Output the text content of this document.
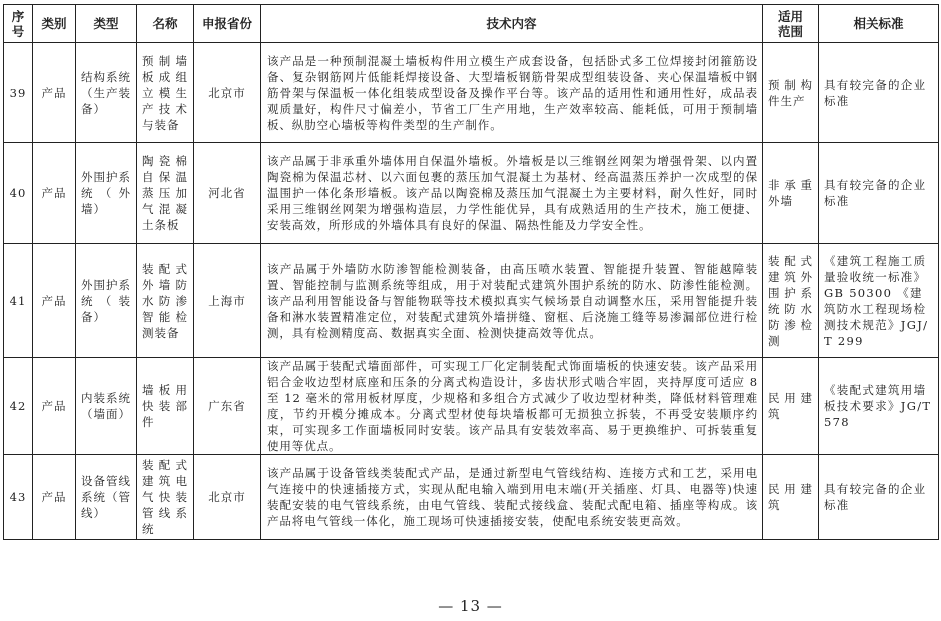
序号	类别	类型	名称	申报省份	技术内容	适用范围	相关标准
39	产品	结构系统（生产装备）	预制墙板成组立模生产技术与装备	北京市	该产品是一种预制混凝土墙板构件用立模生产成套设备，包括卧式多工位焊接封闭箍筋设备、复杂钢筋网片低能耗焊接设备、大型墙板钢筋骨架成型组装设备、夹心保温墙板中钢筋骨架与保温板一体化组装成型设备及操作平台等。该产品的适用性和通用性好，成品表观质量好，构件尺寸偏差小，节省工厂生产用地，生产效率较高、能耗低，可用于预制墙板、纵肋空心墙板等构件类型的生产制作。	预制构件生产	具有较完备的企业标准
40	产品	外围护系统（外墙）	陶瓷棉自保温蒸压加气混凝土条板	河北省	该产品属于非承重外墙体用自保温外墙板。外墙板是以三维钢丝网架为增强骨架、以内置陶瓷棉为保温芯材、以六面包裹的蒸压加气混凝土为基材、经高温蒸压养护一次成型的保温围护一体化条形墙板。该产品以陶瓷棉及蒸压加气混凝土为主要材料，耐久性好，同时采用三维钢丝网架为增强构造层，力学性能优异，具有成熟适用的生产技术，施工便捷、安装高效，所形成的外墙体具有良好的保温、隔热性能及力学安全性。	非承重外墙	具有较完备的企业标准
41	产品	外围护系统（装备）	装配式外墙防水防渗智能检测装备	上海市	该产品属于外墙防水防渗智能检测装备，由高压喷水装置、智能提升装置、智能越障装置、智能控制与监测系统等组成，用于对装配式建筑外围护系统的防水、防渗性能检测。该产品利用智能设备与智能物联等技术模拟真实气候场景自动调整水压，采用智能提升装备和淋水装置精准定位，对装配式建筑外墙拼缝、窗框、后浇施工缝等易渗漏部位进行检测，具有检测精度高、数据真实全面、检测快捷高效等优点。	装配式建筑外围护系统防水防渗检测	《建筑工程施工质量验收统一标准》GB 50300 《建筑防水工程现场检测技术规范》JGJ/T 299
42	产品	内装系统（墙面）	墙板用快装部件	广东省	该产品属于装配式墙面部件，可实现工厂化定制装配式饰面墙板的快速安装。该产品采用铝合金收边型材底座和压条的分离式构造设计，多齿状形式啮合牢固，夹持厚度可适应 8 至 12 毫米的常用板材厚度，少规格和多组合方式减少了收边型材种类，降低材料管理难度，节约开模分摊成本。分离式型材使每块墙板都可无损独立拆装，不再受安装顺序约束，可实现多工作面墙板同时安装。该产品具有安装效率高、易于更换维护、可拆装重复使用等优点。	民用建筑	《装配式建筑用墙板技术要求》JG/T 578
43	产品	设备管线系统（管线）	装配式建筑电气快装管线系统	北京市	该产品属于设备管线类装配式产品，是通过新型电气管线结构、连接方式和工艺，采用电气连接中的快速插接方式，实现从配电输入端到用电末端(开关插座、灯具、电器等)快速装配安装的电气管线系统，由电气管线、装配式接线盒、装配式配电箱、插座等构成。该产品将电气管线一体化，施工现场可快速插接安装，使配电系统安装更高效。	民用建筑	具有较完备的企业标准
— 13 —
